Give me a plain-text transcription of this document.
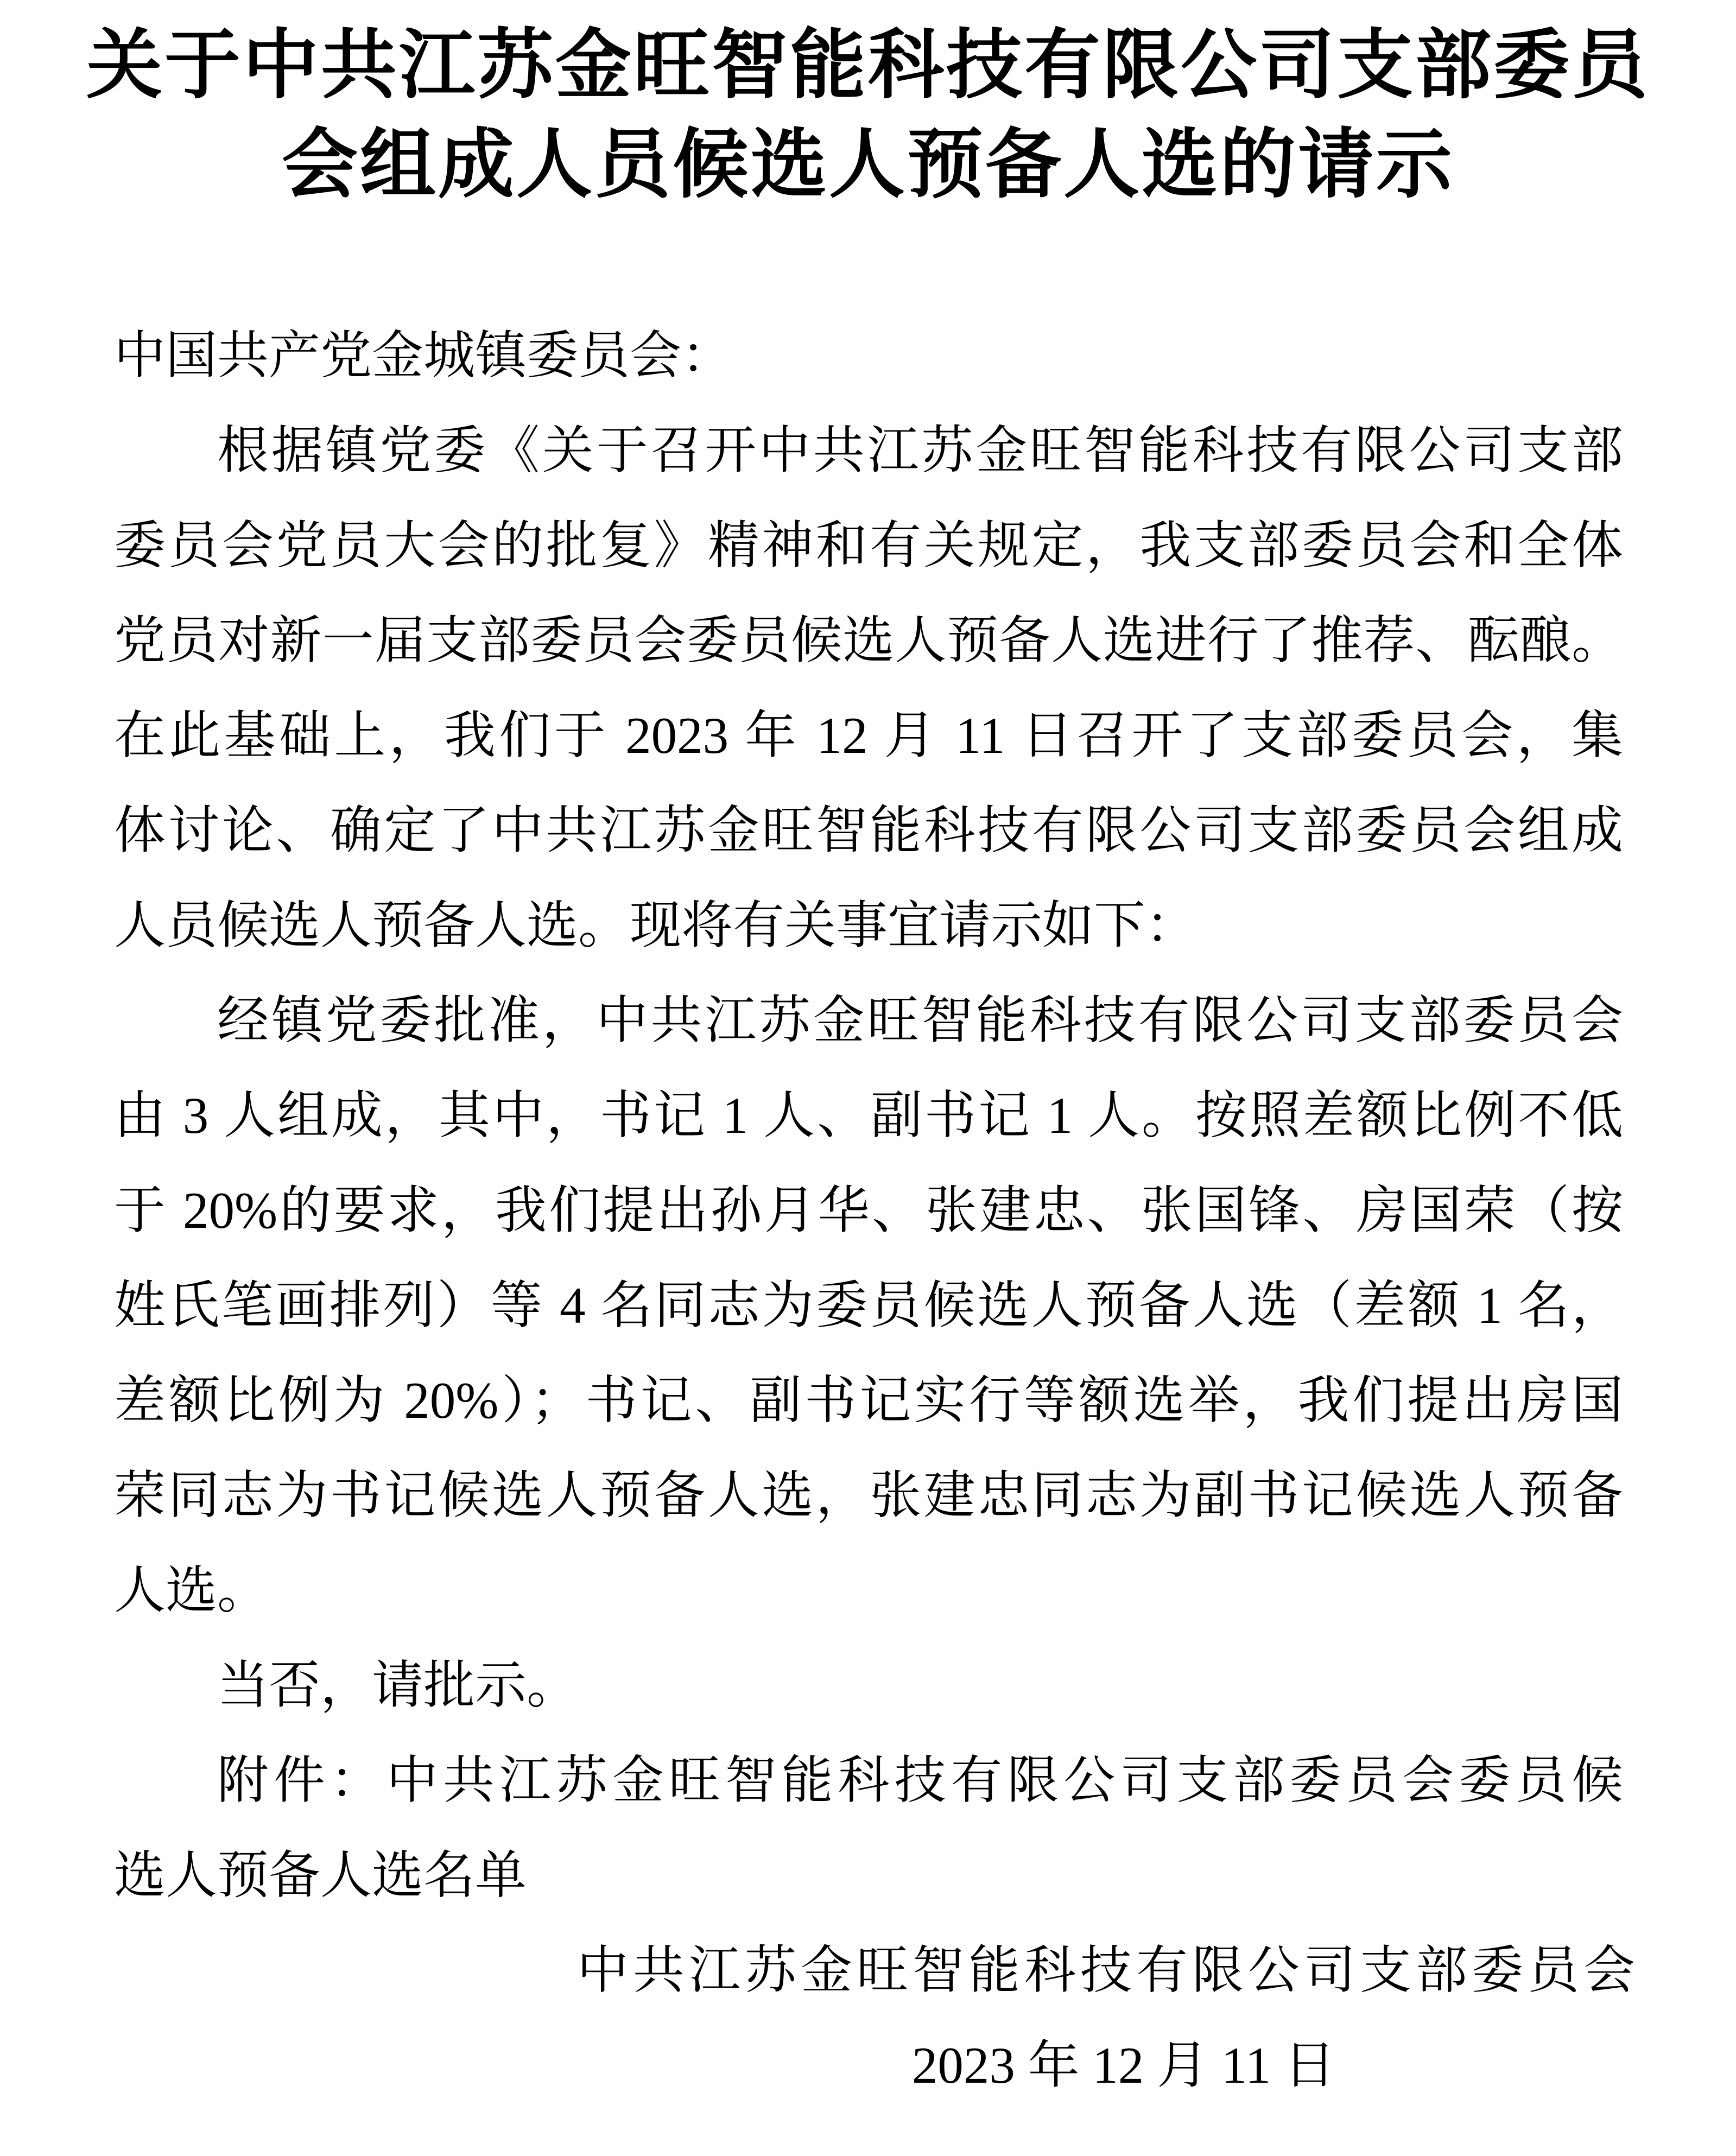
关于中共江苏金旺智能科技有限公司支部委员
会组成人员候选人预备人选的请示
中国共产党金城镇委员会：
根据镇党委《关于召开中共江苏金旺智能科技有限公司支部
委员会党员大会的批复》精神和有关规定，我支部委员会和全体
党员对新一届支部委员会委员候选人预备人选进行了推荐、酝酿。
在此基础上，我们于 2023 年 12 月 11 日召开了支部委员会，集
体讨论、确定了中共江苏金旺智能科技有限公司支部委员会组成
人员候选人预备人选。现将有关事宜请示如下：
经镇党委批准，中共江苏金旺智能科技有限公司支部委员会
由 3 人组成，其中，书记 1 人、副书记 1 人。按照差额比例不低
于 20%的要求，我们提出孙月华、张建忠、张国锋、房国荣（按
姓氏笔画排列）等 4 名同志为委员候选人预备人选（差额 1 名，
差额比例为 20%）；书记、副书记实行等额选举，我们提出房国
荣同志为书记候选人预备人选，张建忠同志为副书记候选人预备
人选。
当否，请批示。
附件：中共江苏金旺智能科技有限公司支部委员会委员候
选人预备人选名单
中共江苏金旺智能科技有限公司支部委员会
2023 年 12 月 11 日
